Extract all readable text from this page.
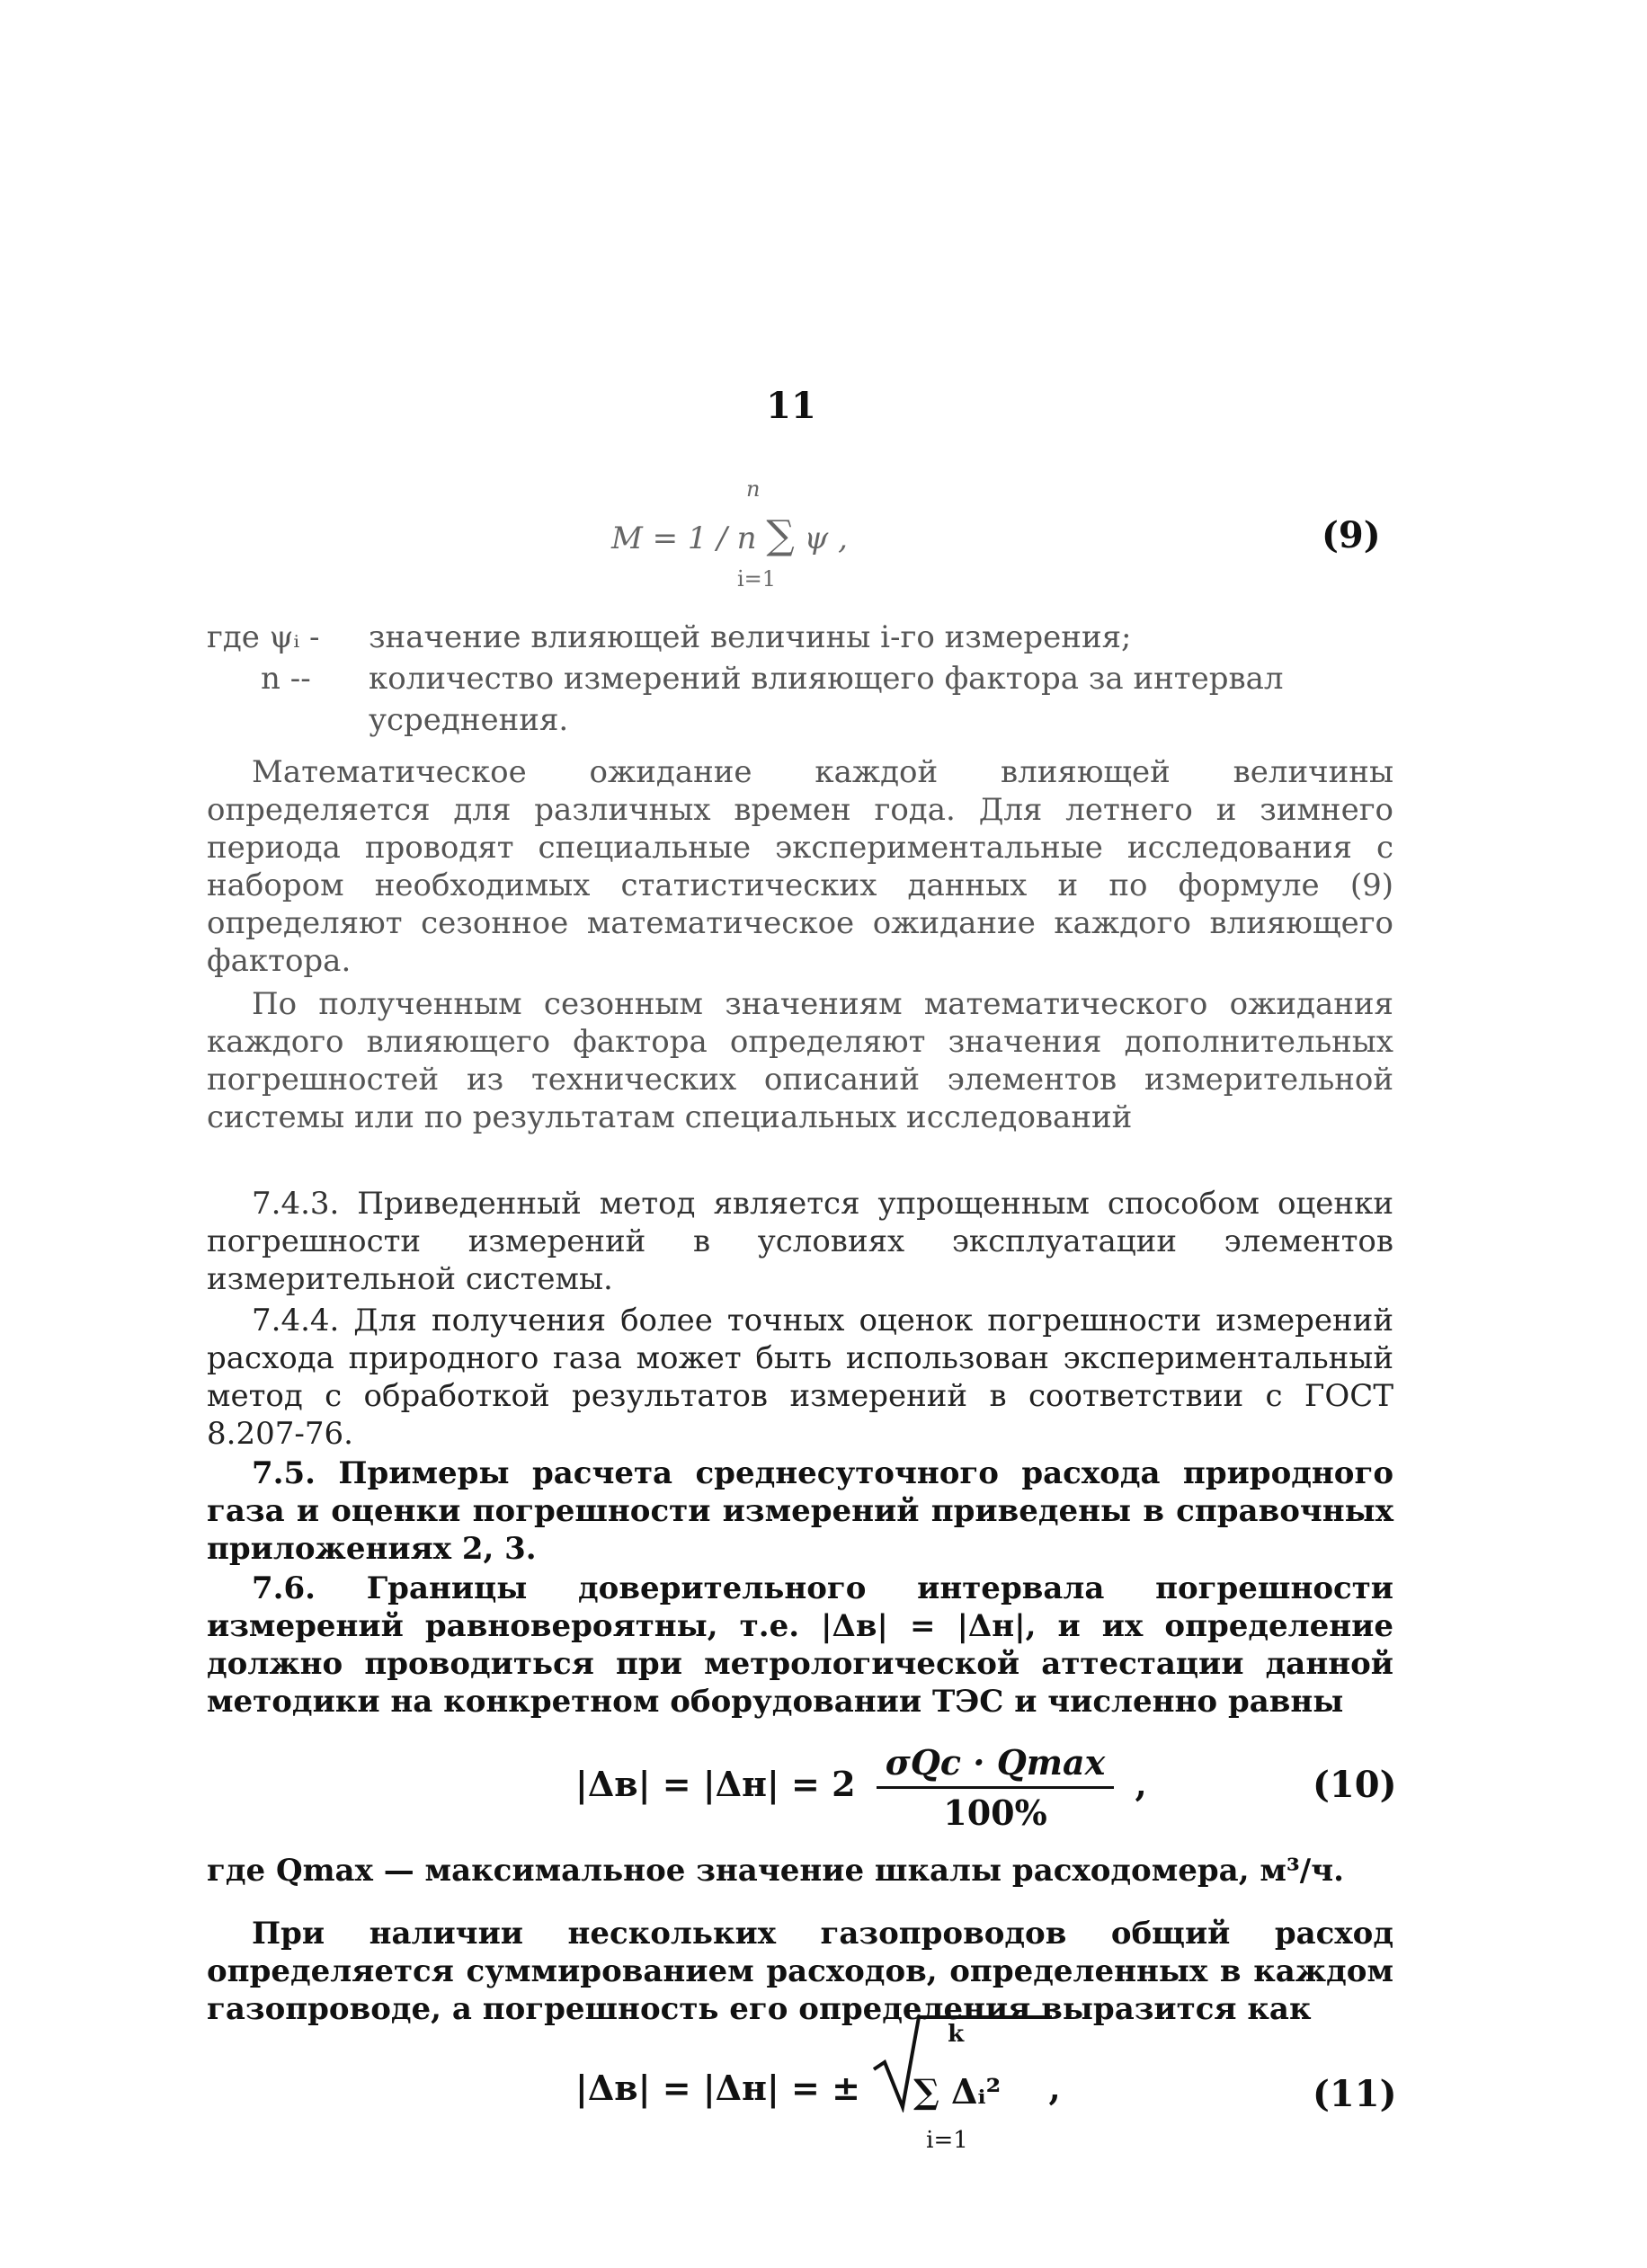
11
n
M = 1 / n ∑ ψ ,
i=1
(9)
где ψᵢ - значение влияющей величины i-го измерения;
n -- количество измерений влияющего фактора за интервал усреднения.

Математическое ожидание каждой влияющей величины определяется для различных времен года. Для летнего и зимнего периода проводят специальные экспериментальные исследования с набором необходимых статистических данных и по формуле (9) определяют сезонное математическое ожидание каждого влияющего фактора.

По полученным сезонным значениям математического ожидания каждого влияющего фактора определяют значения дополнительных погрешностей из технических описаний элементов измерительной системы или по результатам специальных исследований

7.4.3. Приведенный метод является упрощенным способом оценки погрешности измерений в условиях эксплуатации элементов измерительной системы.

7.4.4. Для получения более точных оценок погрешности измерений расхода природного газа может быть использован экспериментальный метод с обработкой результатов измерений в соответствии с ГОСТ 8.207-76.

7.5. Примеры расчета среднесуточного расхода природного газа и оценки погрешности измерений приведены в справочных приложениях 2, 3.

7.6. Границы доверительного интервала погрешности измерений равновероятны, т.е. |Δв| = |Δн|, и их определение должно проводиться при метрологической аттестации данной методики на конкретном оборудовании ТЭС и численно равны

$|\Delta в| = |\Delta н| = 2 \frac{\text{σQc · Qmax}}{100\%}$ ,	(10)

где Qmax — максимальное значение шкалы расходомера, м³/ч.

При наличии нескольких газопроводов общий расход определяется суммированием расходов, определенных в каждом газопроводе, а погрешность его определения выразится как

|Δв| = |Δн| = ±
k
∑ Δᵢ²
i=1
,	(11)
